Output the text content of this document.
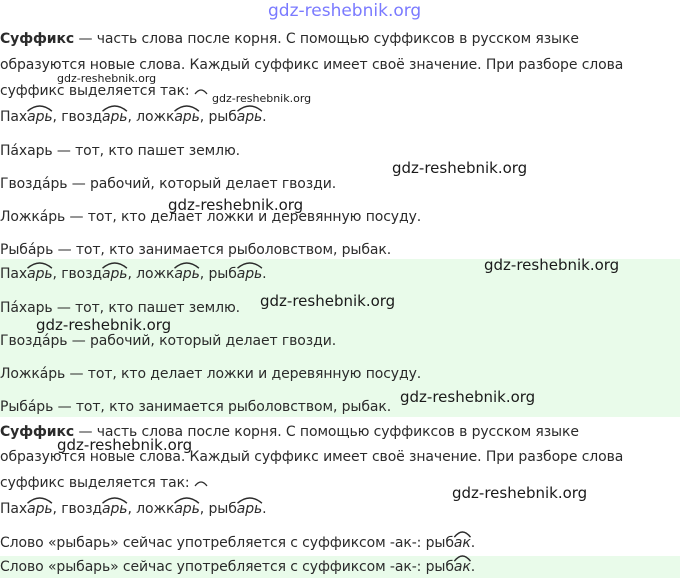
gdz-reshebnik.org
Суффикс — часть слова после корня. С помощью суффиксов в русском языке
образуются новые слова. Каждый суффикс имеет своё значение. При разборе слова
суффикс выделяется так:
Пахарь
, гвоздарь
, ложкарь
, рыбарь
.
Па́харь — тот, кто пашет землю.
Гвозда́рь — рабочий, который делает гвозди.
Ложка́рь — тот, кто делает ложки и деревянную посуду.
Рыба́рь — тот, кто занимается рыболовством, рыбак.
Пахарь
, гвоздарь
, ложкарь
, рыбарь
.
Па́харь — тот, кто пашет землю.
Гвозда́рь — рабочий, который делает гвозди.
Ложка́рь — тот, кто делает ложки и деревянную посуду.
Рыба́рь — тот, кто занимается рыболовством, рыбак.
Суффикс — часть слова после корня. С помощью суффиксов в русском языке
образуются новые слова. Каждый суффикс имеет своё значение. При разборе слова
суффикс выделяется так:
Пахарь
, гвоздарь
, ложкарь
, рыбарь
.
Слово «рыбарь» сейчас употребляется с суффиксом -ак-: рыбак
.
Слово «рыбарь» сейчас употребляется с суффиксом -ак-: рыбак
.
gdz-reshebnik.org
gdz-reshebnik.org
gdz-reshebnik.org
gdz-reshebnik.org
gdz-reshebnik.org
gdz-reshebnik.org
gdz-reshebnik.org
gdz-reshebnik.org
gdz-reshebnik.org
gdz-reshebnik.org
